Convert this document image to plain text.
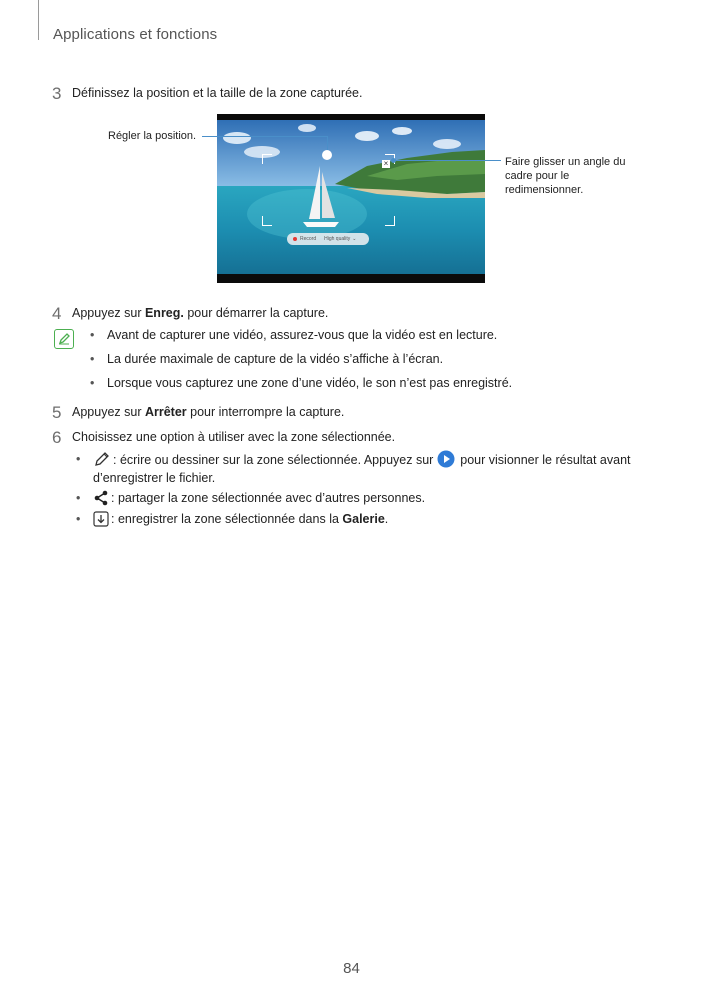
Applications et fonctions
3 Définissez la position et la taille de la zone capturée.
×
Record High quality ⌄
Régler la position.
Faire glisser un angle du cadre pour le redimensionner.
4 Appuyez sur Enreg. pour démarrer la capture.
• Avant de capturer une vidéo, assurez-vous que la vidéo est en lecture.
• La durée maximale de capture de la vidéo s’affiche à l’écran.
• Lorsque vous capturez une zone d’une vidéo, le son n’est pas enregistré.
5 Appuyez sur Arrêter pour interrompre la capture.
6 Choisissez une option à utiliser avec la zone sélectionnée.
•	: écrire ou dessiner sur la zone sélectionnée. Appuyez sur  pour visionner le résultat avant
d’enregistrer le fichier.
• : partager la zone sélectionnée avec d’autres personnes.
• : enregistrer la zone sélectionnée dans la Galerie.
84
